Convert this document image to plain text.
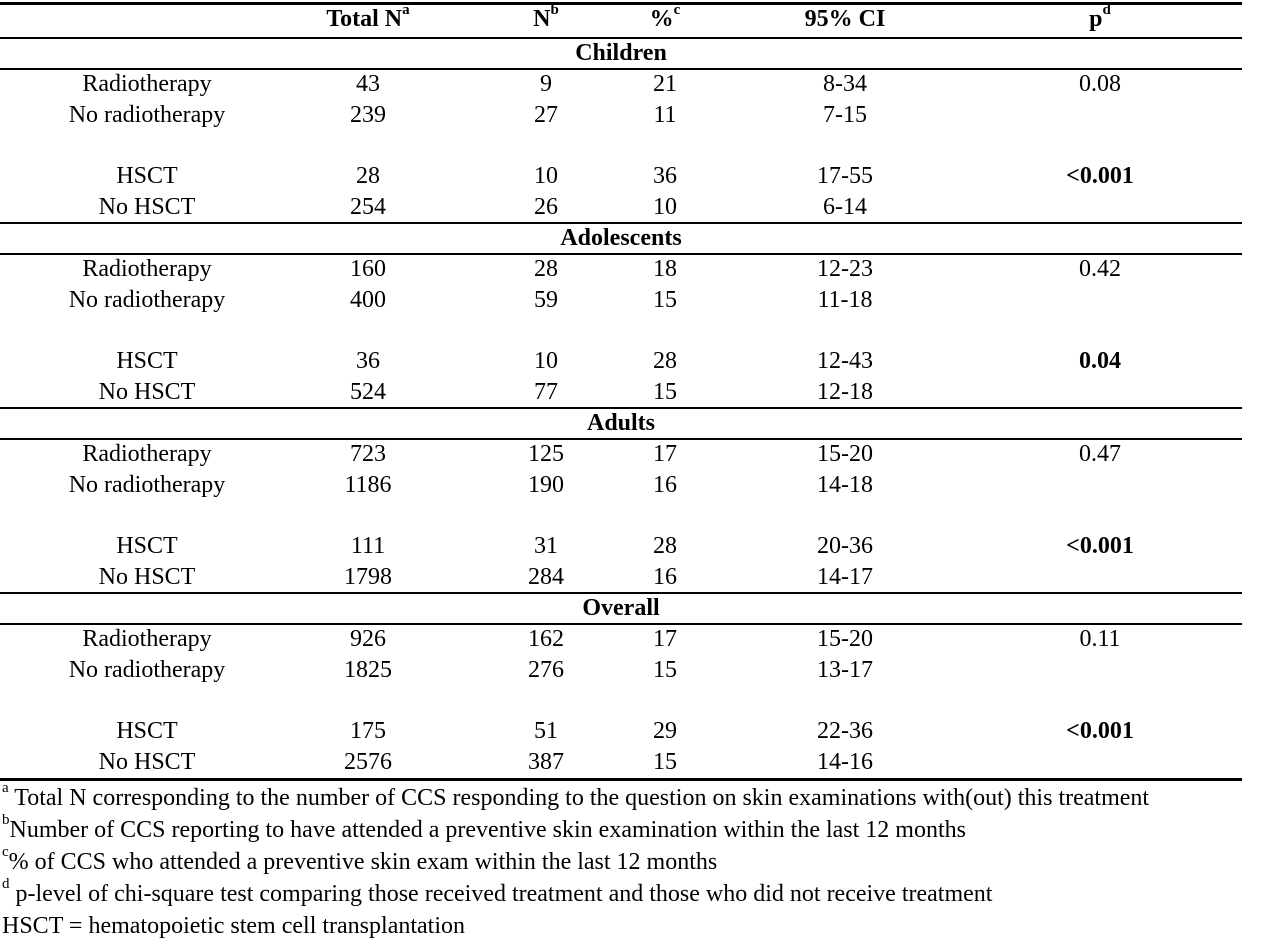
Total $N^a$	$N^b$	%$^c$	95% CI	$p^d$
Children
Radiotherapy	43	9	21	8-34	0.08
No radiotherapy	239	27	11	7-15
HSCT	28	10	36	17-55	<0.001
No HSCT	254	26	10	6-14
Adolescents
Radiotherapy	160	28	18	12-23	0.42
No radiotherapy	400	59	15	11-18
HSCT	36	10	28	12-43	0.04
No HSCT	524	77	15	12-18
Adults
Radiotherapy	723	125	17	15-20	0.47
No radiotherapy	1186	190	16	14-18
HSCT	111	31	28	20-36	<0.001
No HSCT	1798	284	16	14-17
Overall
Radiotherapy	926	162	17	15-20	0.11
No radiotherapy	1825	276	15	13-17
HSCT	175	51	29	22-36	<0.001
No HSCT	2576	387	15	14-16
$^a$ Total N corresponding to the number of CCS responding to the question on skin examinations with(out) this treatment
$^b$Number of CCS reporting to have attended a preventive skin examination within the last 12 months
$^c$% of CCS who attended a preventive skin exam within the last 12 months
$^d$ p-level of chi-square test comparing those received treatment and those who did not receive treatment
HSCT = hematopoietic stem cell transplantation
